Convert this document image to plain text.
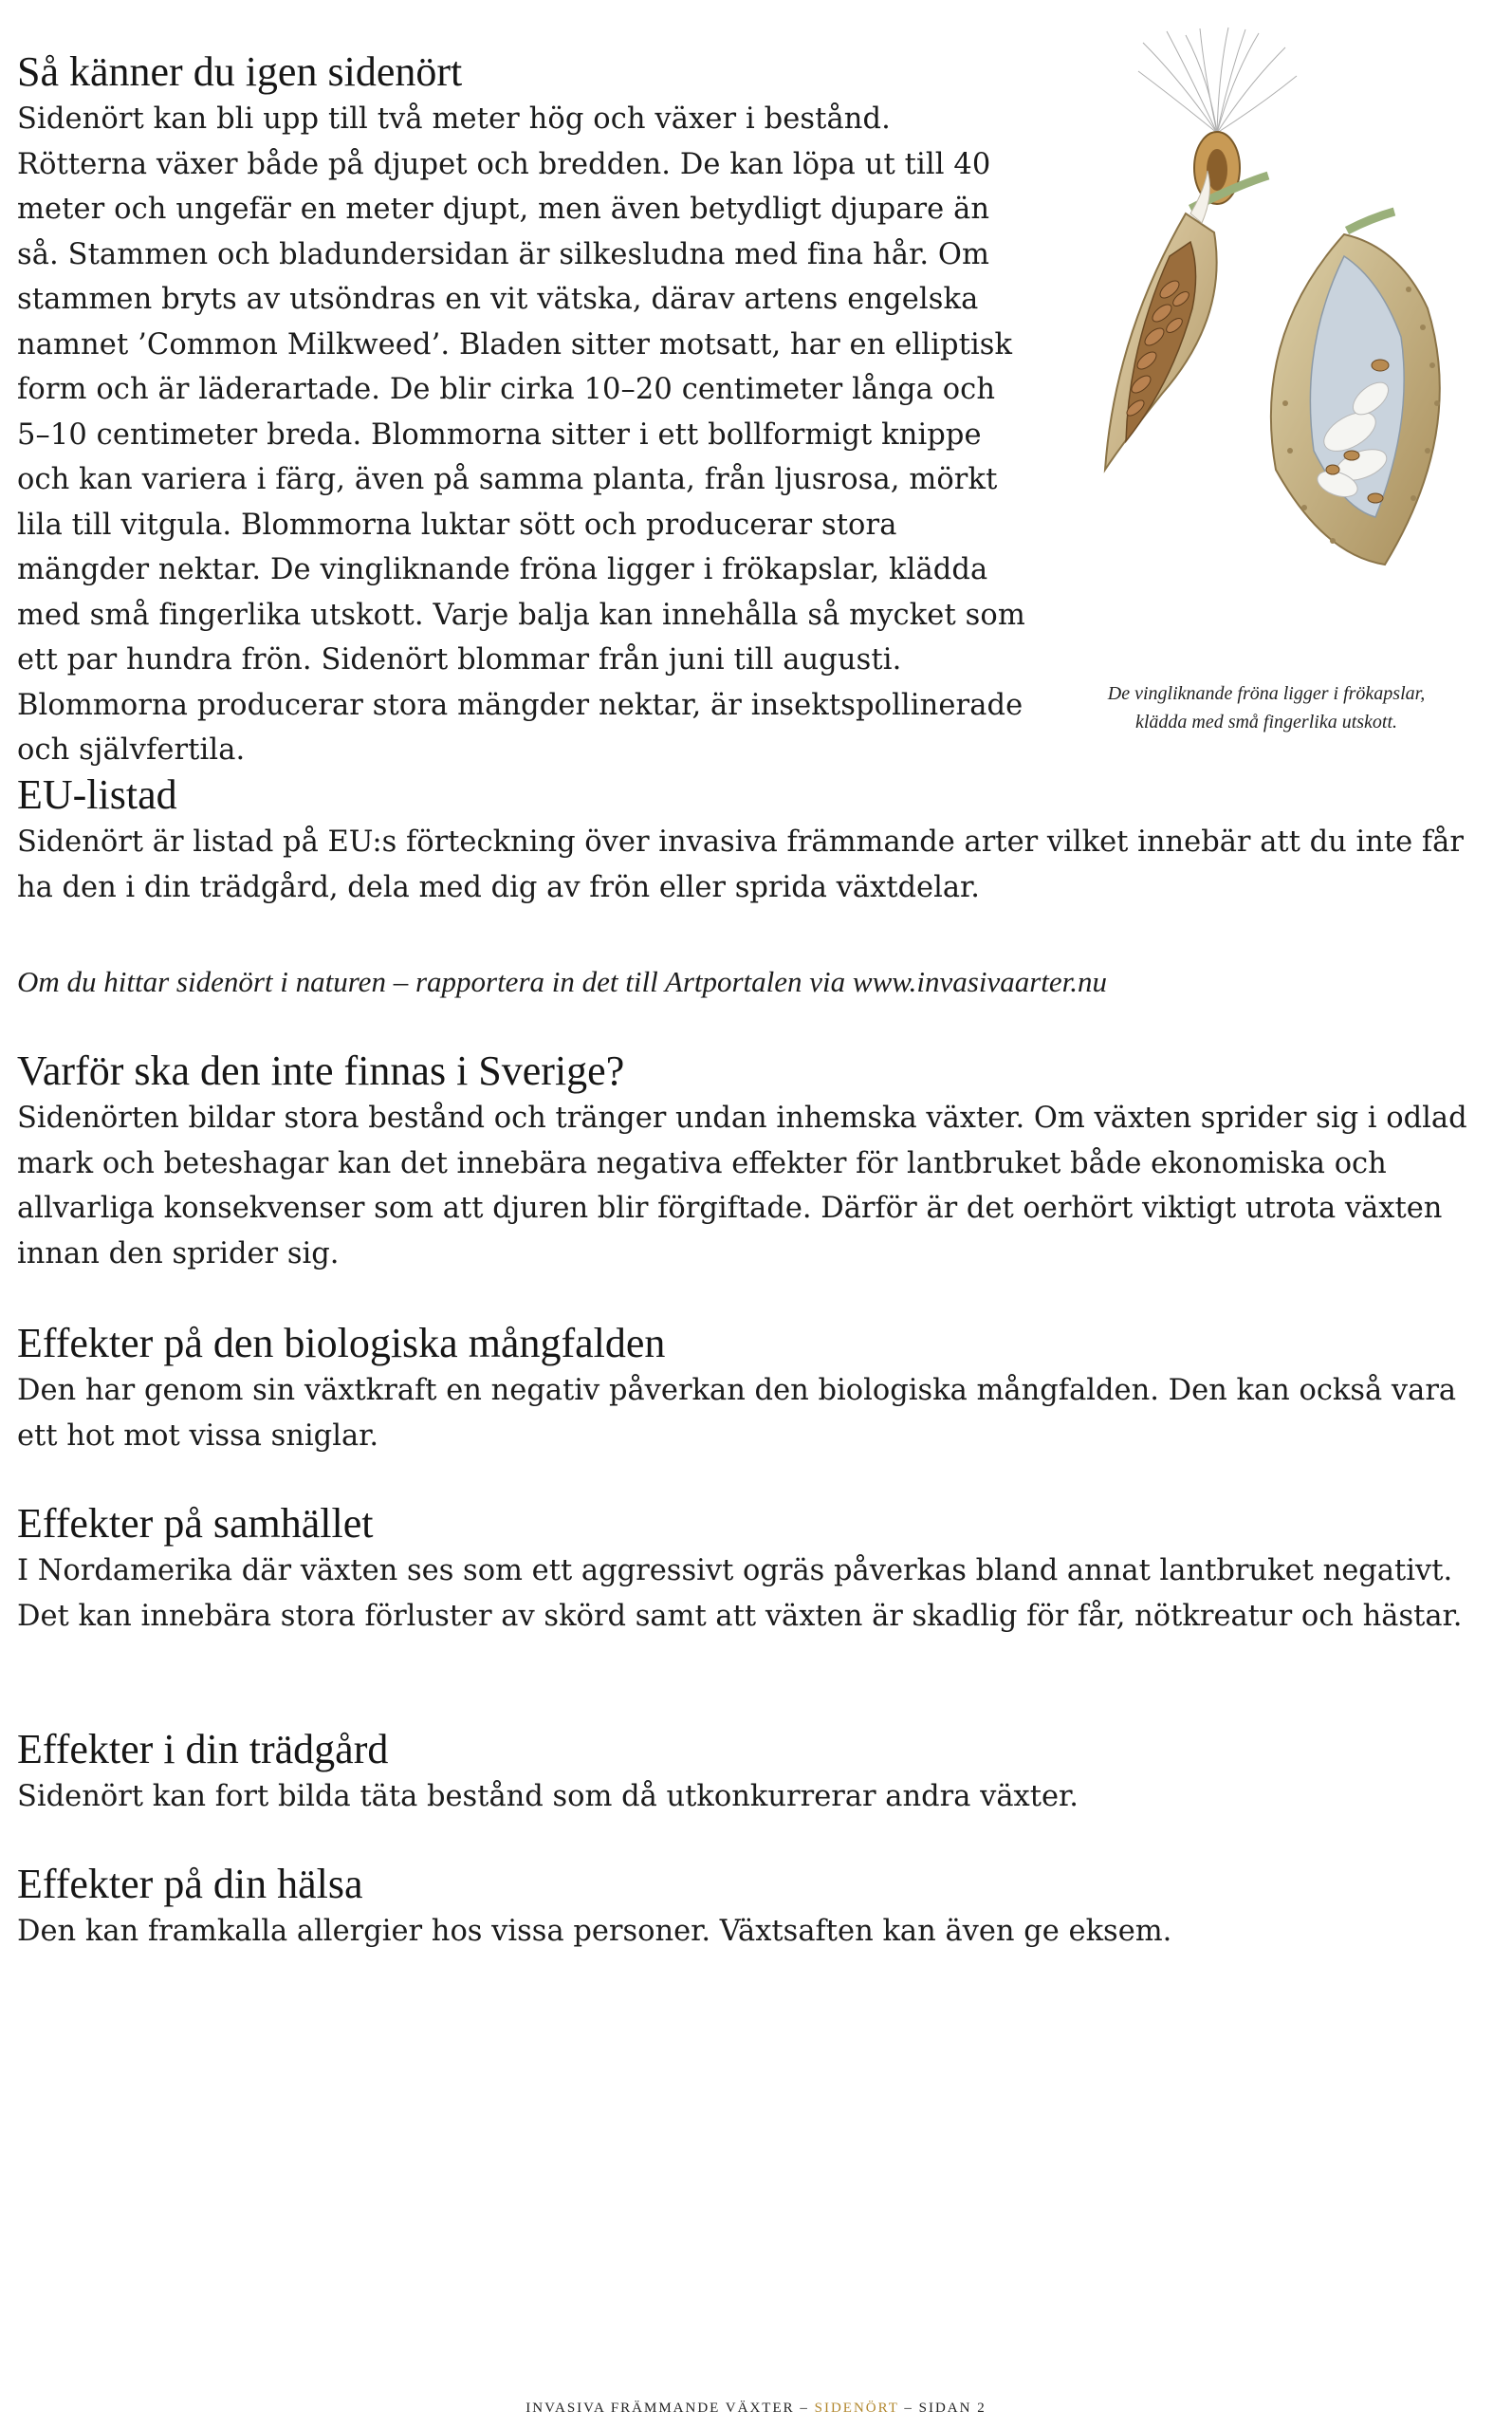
Så känner du igen sidenört

Sidenört kan bli upp till två meter hög och växer i bestånd. Rötterna växer både på djupet och bredden. De kan löpa ut till 40 meter och ungefär en meter djupt, men även betydligt djupare än så. Stammen och bladundersidan är silkesludna med fina hår. Om stammen bryts av utsöndras en vit vätska, därav artens engelska namnet ’Common Milkweed’. Bladen sitter motsatt, har en elliptisk form och är läderartade. De blir cirka 10–20 centimeter långa och 5–10 centimeter breda. Blommorna sitter i ett bollformigt knippe och kan variera i färg, även på samma planta, från ljusrosa, mörkt lila till vitgula. Blommorna luktar sött och producerar stora mängder nektar. De vingliknande fröna ligger i frökapslar, klädda med små fingerlika utskott. Varje balja kan innehålla så mycket som ett par hundra frön. Sidenört blommar från juni till augusti. Blommorna producerar stora mängder nektar, är insektspollinerade och självfertila.

De vingliknande fröna ligger i frökapslar,
klädda med små fingerlika utskott.
EU-listad

Sidenört är listad på EU:s förteckning över invasiva främmande arter vilket innebär att du inte får ha den i din trädgård, dela med dig av frön eller sprida växtdelar.

Om du hittar sidenört i naturen – rapportera in det till Artportalen via www.invasivaarter.nu

Varför ska den inte finnas i Sverige?

Sidenörten bildar stora bestånd och tränger undan inhemska växter. Om växten sprider sig i odlad mark och beteshagar kan det innebära negativa effekter för lantbruket både ekonomiska och allvarliga konsekvenser som att djuren blir förgiftade. Därför är det oerhört viktigt utrota växten innan den sprider sig.

Effekter på den biologiska mångfalden

Den har genom sin växtkraft en negativ påverkan den biologiska mångfalden. Den kan också vara ett hot mot vissa sniglar.

Effekter på samhället

I Nordamerika där växten ses som ett aggressivt ogräs påverkas bland annat lantbruket negativt. Det kan innebära stora förluster av skörd samt att växten är skadlig för får, nötkreatur och hästar.

Effekter i din trädgård

Sidenört kan fort bilda täta bestånd som då utkonkurrerar andra växter.

Effekter på din hälsa

Den kan framkalla allergier hos vissa personer. Växtsaften kan även ge eksem.

INVASIVA FRÄMMANDE VÄXTER – SIDENÖRT – SIDAN 2
